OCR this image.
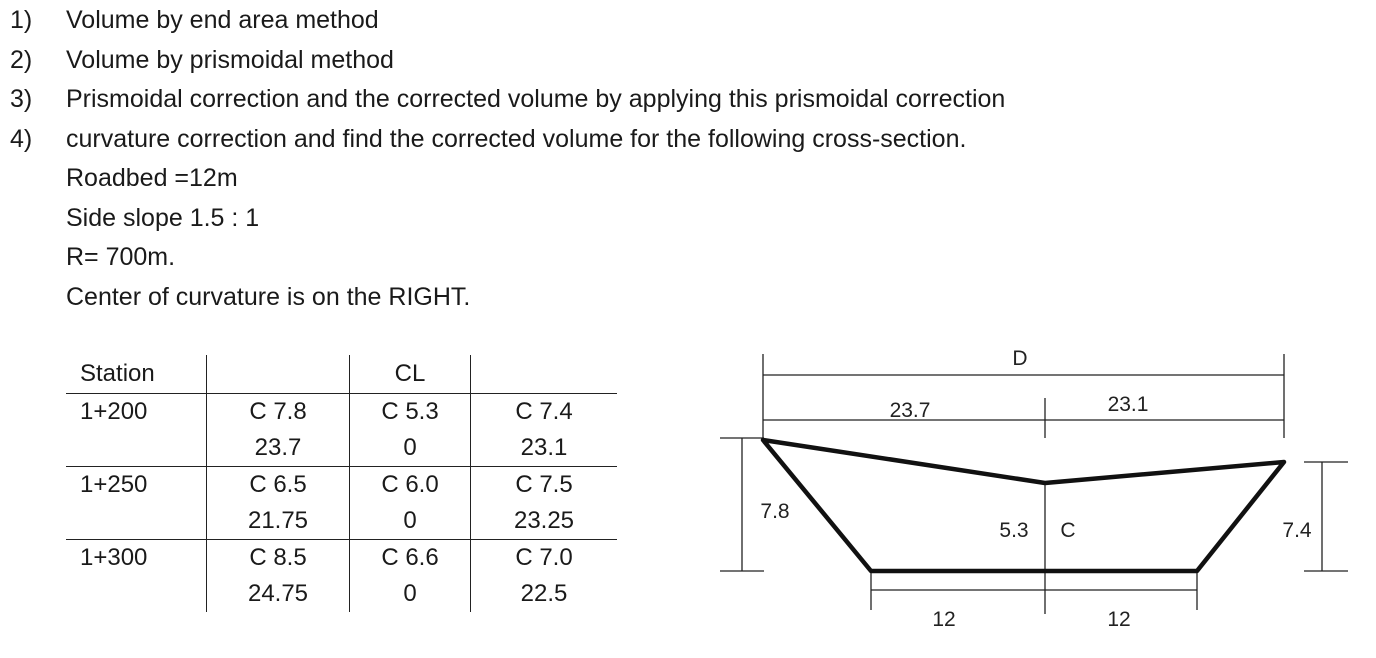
1) Volume by end area method
2) Volume by prismoidal method
3) Prismoidal correction and the corrected volume by applying this prismoidal correction
4) curvature correction and find the corrected volume for the following cross-section.
Roadbed =12m
Side slope 1.5 : 1
R= 700m.
Center of curvature is on the RIGHT.
Station		CL	
1+200	C 7.8	C 5.3	C 7.4
	23.7	0	23.1
1+250	C 6.5	C 6.0	C 7.5
	21.75	0	23.25
1+300	C 8.5	C 6.6	C 7.0
	24.75	0	22.5
D
23.7	23.1
7.8
5.3 C	7.4
12	12
